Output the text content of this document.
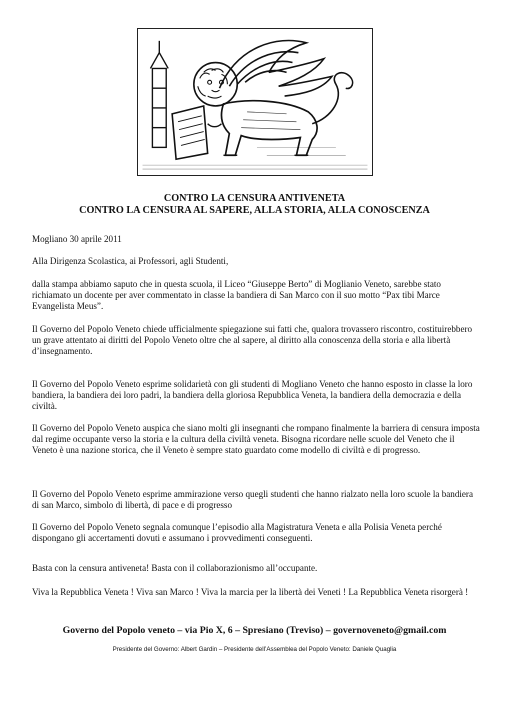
CONTRO LA CENSURA ANTIVENETA
CONTRO LA CENSURA AL SAPERE, ALLA STORIA, ALLA CONOSCENZA

Mogliano 30 aprile 2011

Alla Dirigenza Scolastica, ai Professori, agli Studenti,

dalla stampa abbiamo saputo che in questa scuola, il Liceo “Giuseppe Berto” di Moglianio Veneto, sarebbe stato richiamato un docente per aver commentato in classe la bandiera di San Marco con il suo motto “Pax tibi Marce Evangelista Meus”.

Il Governo del Popolo Veneto chiede ufficialmente spiegazione sui fatti che, qualora trovassero riscontro, costituirebbero un grave attentato ai diritti del Popolo Veneto oltre che al sapere, al diritto alla conoscenza della storia e alla libertà d’insegnamento.

Il Governo del Popolo Veneto esprime solidarietà con gli studenti di Mogliano Veneto che hanno esposto in classe la loro bandiera, la bandiera dei loro padri, la bandiera della gloriosa Repubblica Veneta, la bandiera della democrazia e della civiltà.

Il Governo del Popolo Veneto auspica che siano molti gli insegnanti che rompano finalmente la barriera di censura imposta dal regime occupante verso la storia e la cultura della civiltà veneta. Bisogna ricordare nelle scuole del Veneto che il Veneto è una nazione storica, che il Veneto è sempre stato guardato come modello di civiltà e di progresso.

Il Governo del Popolo Veneto esprime ammirazione verso quegli studenti che hanno rialzato nella loro scuole la bandiera di san Marco, simbolo di libertà, di pace e di progresso

Il Governo del Popolo Veneto segnala comunque l’episodio alla Magistratura Veneta e alla Polisia Veneta perché dispongano gli accertamenti dovuti e assumano i provvedimenti conseguenti.

Basta con la censura antiveneta! Basta con il collaborazionismo all’occupante.

Viva la Repubblica Veneta ! Viva san Marco ! Viva la marcia per la libertà dei Veneti ! La Repubblica Veneta risorgerà !

Governo del Popolo veneto – via Pio X, 6 – Spresiano (Treviso) – governoveneto@gmail.com
Presidente del Governo: Albert Gardin – Presidente dell’Assemblea del Popolo Veneto: Daniele Quaglia
